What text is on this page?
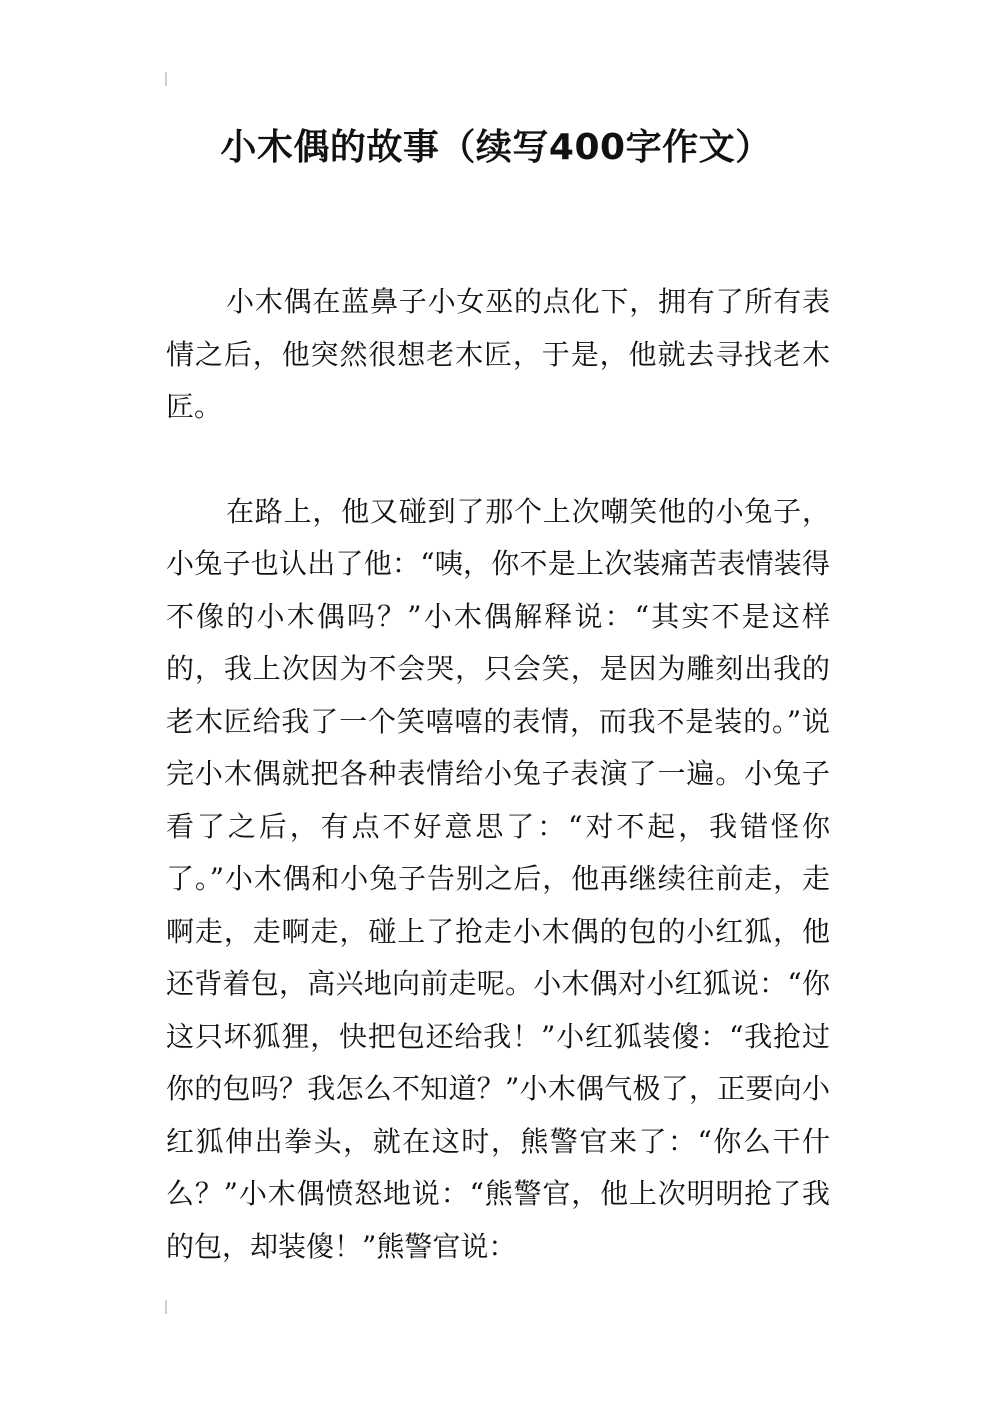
小木偶的故事（续写400字作文）

小木偶在蓝鼻子小女巫的点化下，拥有了所有表情之后，他突然很想老木匠，于是，他就去寻找老木匠。

在路上，他又碰到了那个上次嘲笑他的小兔子，小兔子也认出了他：“咦，你不是上次装痛苦表情装得不像的小木偶吗？”小木偶解释说：“其实不是这样的，我上次因为不会哭，只会笑，是因为雕刻出我的老木匠给我了一个笑嘻嘻的表情，而我不是装的。”说完小木偶就把各种表情给小兔子表演了一遍。小兔子看了之后，有点不好意思了：“对不起，我错怪你了。”小木偶和小兔子告别之后，他再继续往前走，走啊走，走啊走，碰上了抢走小木偶的包的小红狐，他还背着包，高兴地向前走呢。小木偶对小红狐说：“你这只坏狐狸，快把包还给我！”小红狐装傻：“我抢过你的包吗？我怎么不知道？”小木偶气极了，正要向小红狐伸出拳头，就在这时，熊警官来了：“你么干什么？”小木偶愤怒地说：“熊警官，他上次明明抢了我的包，却装傻！”熊警官说：
